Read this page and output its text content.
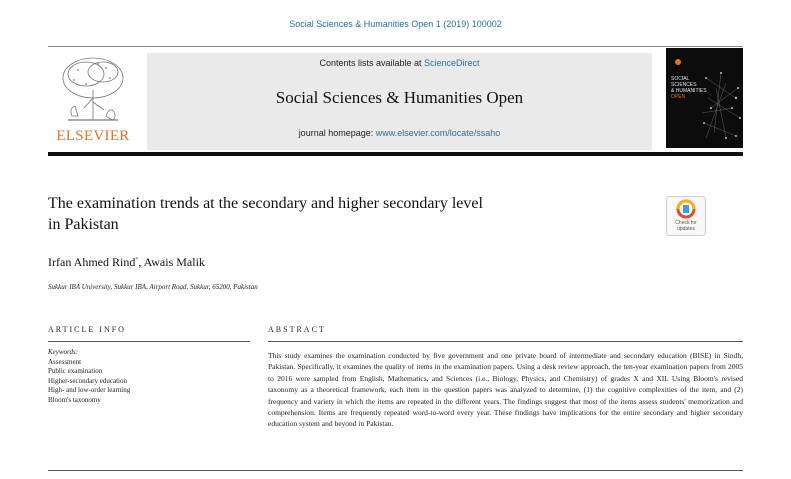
Social Sciences & Humanities Open 1 (2019) 100002
ELSEVIER
Contents lists available at ScienceDirect
Social Sciences & Humanities Open
journal homepage: www.elsevier.com/locate/ssaho
SOCIAL
SCIENCES
& HUMANITIES
OPEN
The examination trends at the secondary and higher secondary level
in Pakistan	Check for
updates
Irfan Ahmed Rind*, Awais Malik
Sukkur IBA University, Sukkur IBA, Airport Road, Sukkur, 65200, Pakistan
ARTICLE INFO	ABSTRACT
Keywords:
Assessment
Public examination
Higher-secondary education
High- and low-order learning
Bloom's taxonomy
This study examines the examination conducted by five government and one private board of intermediate and secondary education (BISE) in Sindh, Pakistan. Specifically, it examines the quality of items in the examination papers. Using a desk review approach, the ten-year examination papers from 2005 to 2016 were sampled from English, Mathematics, and Sciences (i.e., Biology, Physics, and Chemistry) of grades X and XII. Using Bloom's revised taxonomy as a theoretical framework, each item in the question papers was analyzed to determine, (1) the cognitive complexities of the item, and (2) frequency and variety in which the items are repeated in the different years. The findings suggest that most of the items assess students' memorization and comprehension. Items are frequently repeated word-to-word every year. These findings have implications for the entire secondary and higher secondary education system and beyond in Pakistan.
